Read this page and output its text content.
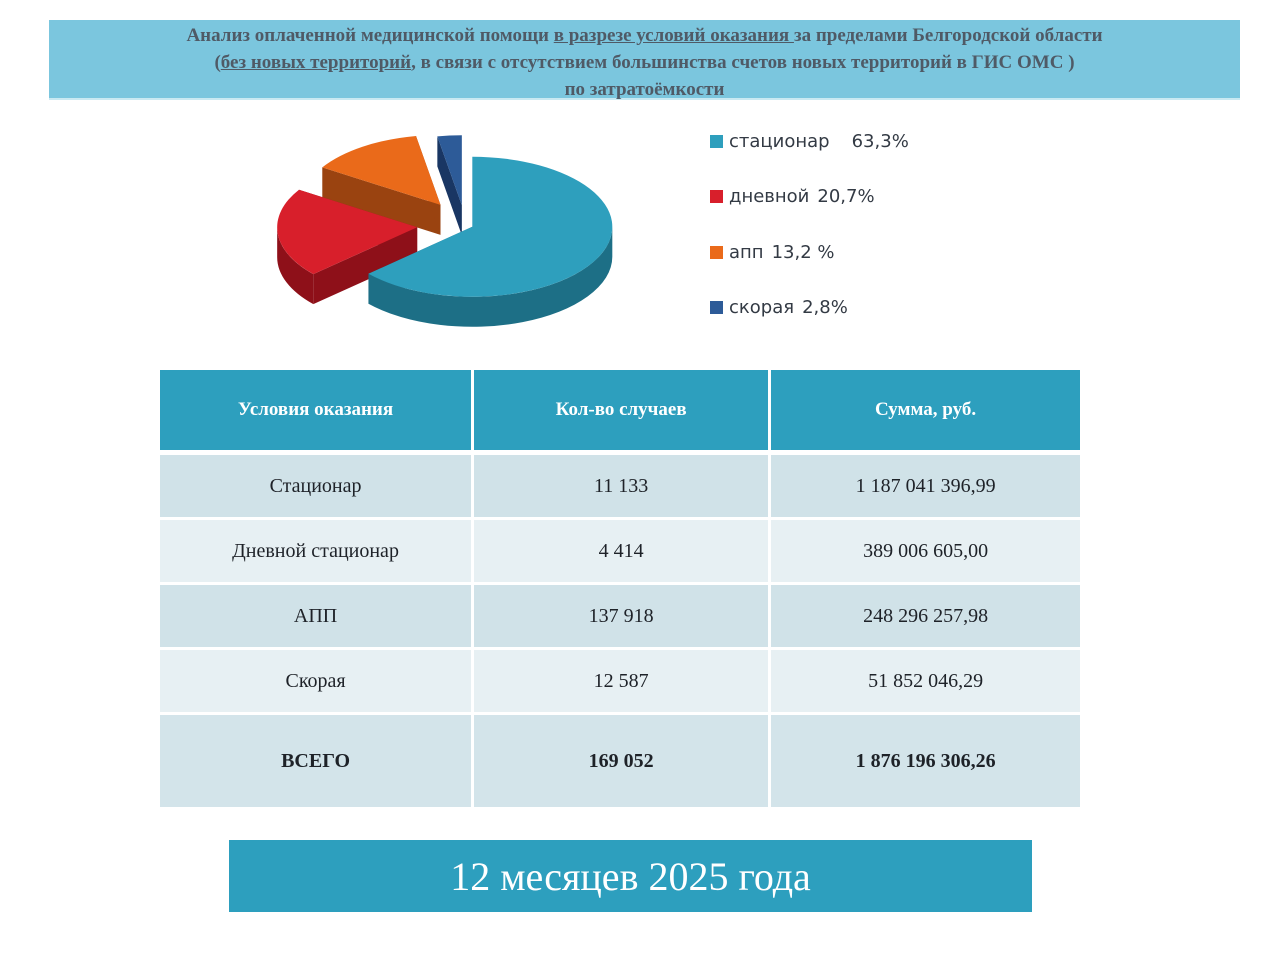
Анализ оплаченной медицинской помощи в разрезе условий оказания за пределами Белгородской области
(без новых территорий, в связи с отсутствием большинства счетов новых территорий в ГИС ОМС )
по затратоёмкости
стационар 63,3%
дневной 20,7%
апп 13,2 %
скорая 2,8%
Условия оказания	Кол-во случаев	Сумма, руб.
Стационар	11 133	1 187 041 396,99
Дневной стационар	4 414	389 006 605,00
АПП	137 918	248 296 257,98
Скорая	12 587	51 852 046,29
ВСЕГО	169 052	1 876 196 306,26
12 месяцев 2025 года
